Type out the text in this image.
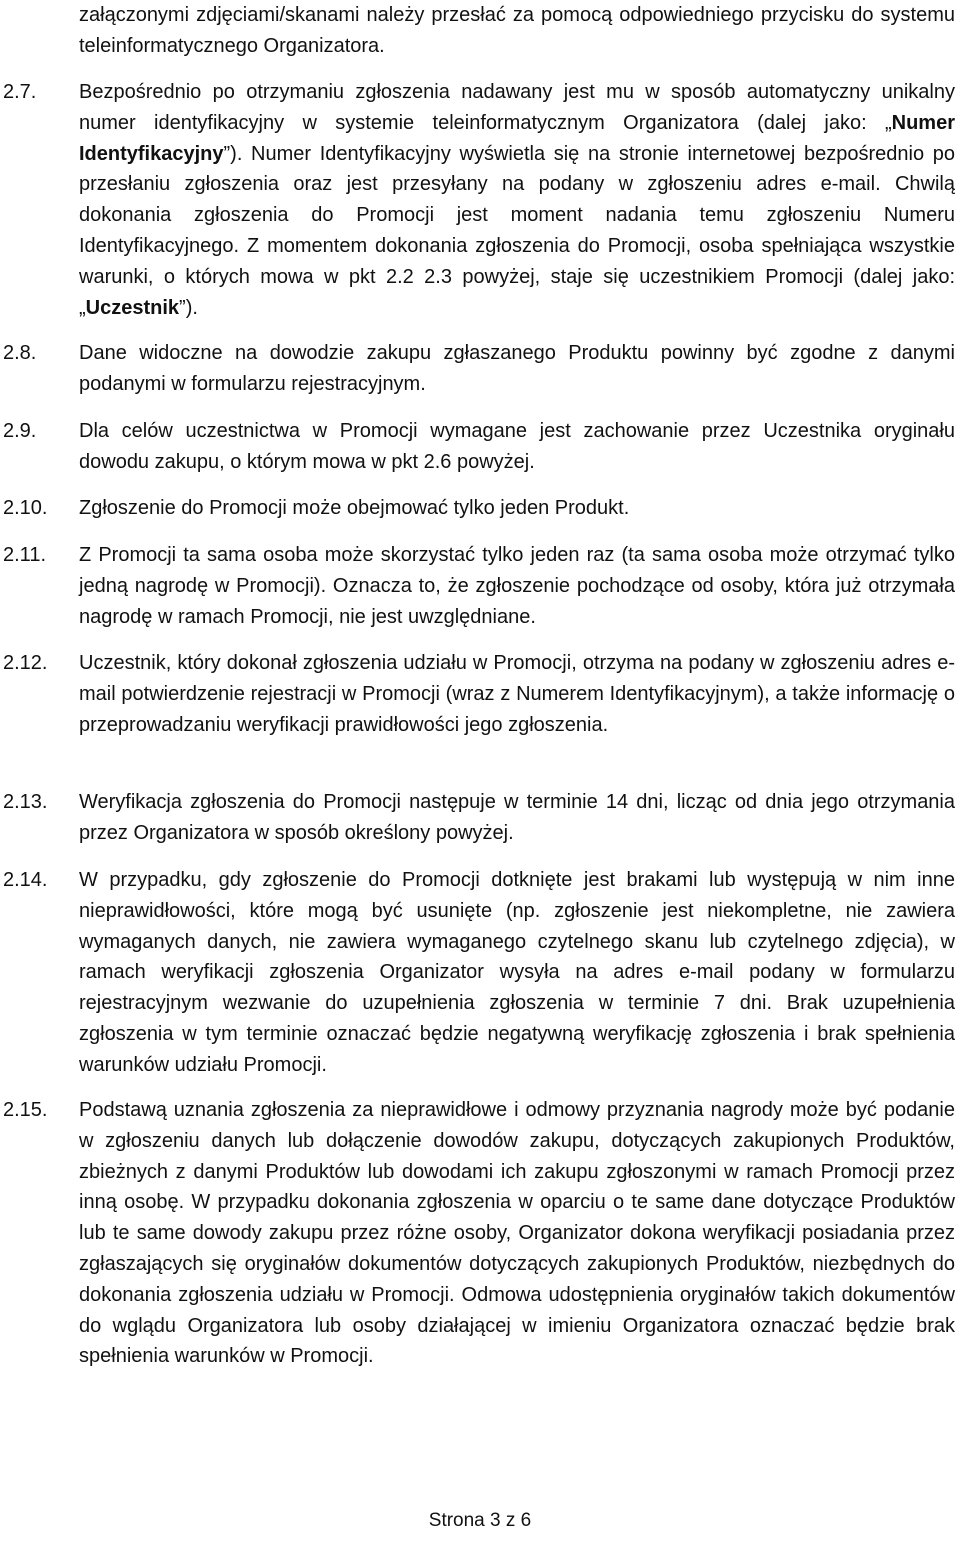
załączonymi zdjęciami/skanami należy przesłać za pomocą odpowiedniego przycisku do systemu teleinformatycznego Organizatora.
2.7. Bezpośrednio po otrzymaniu zgłoszenia nadawany jest mu w sposób automatyczny unikalny numer identyfikacyjny w systemie teleinformatycznym Organizatora (dalej jako: „Numer Identyfikacyjny”). Numer Identyfikacyjny wyświetla się na stronie internetowej bezpośrednio po przesłaniu zgłoszenia oraz jest przesyłany na podany w zgłoszeniu adres e-mail. Chwilą dokonania zgłoszenia do Promocji jest moment nadania temu zgłoszeniu Numeru Identyfikacyjnego. Z momentem dokonania zgłoszenia do Promocji, osoba spełniająca wszystkie warunki, o których mowa w pkt 2.2 2.3 powyżej, staje się uczestnikiem Promocji (dalej jako: „Uczestnik”).
2.8. Dane widoczne na dowodzie zakupu zgłaszanego Produktu powinny być zgodne z danymi podanymi w formularzu rejestracyjnym.
2.9. Dla celów uczestnictwa w Promocji wymagane jest zachowanie przez Uczestnika oryginału dowodu zakupu, o którym mowa w pkt 2.6 powyżej.
2.10. Zgłoszenie do Promocji może obejmować tylko jeden Produkt.
2.11. Z Promocji ta sama osoba może skorzystać tylko jeden raz (ta sama osoba może otrzymać tylko jedną nagrodę w Promocji). Oznacza to, że zgłoszenie pochodzące od osoby, która już otrzymała nagrodę w ramach Promocji, nie jest uwzględniane.
2.12. Uczestnik, który dokonał zgłoszenia udziału w Promocji, otrzyma na podany w zgłoszeniu adres e-mail potwierdzenie rejestracji w Promocji (wraz z Numerem Identyfikacyjnym), a także informację o przeprowadzaniu weryfikacji prawidłowości jego zgłoszenia.
2.13. Weryfikacja zgłoszenia do Promocji następuje w terminie 14 dni, licząc od dnia jego otrzymania przez Organizatora w sposób określony powyżej.
2.14. W przypadku, gdy zgłoszenie do Promocji dotknięte jest brakami lub występują w nim inne nieprawidłowości, które mogą być usunięte (np. zgłoszenie jest niekompletne, nie zawiera wymaganych danych, nie zawiera wymaganego czytelnego skanu lub czytelnego zdjęcia), w ramach weryfikacji zgłoszenia Organizator wysyła na adres e-mail podany w formularzu rejestracyjnym wezwanie do uzupełnienia zgłoszenia w terminie 7 dni. Brak uzupełnienia zgłoszenia w tym terminie oznaczać będzie negatywną weryfikację zgłoszenia i brak spełnienia warunków udziału Promocji.
2.15. Podstawą uznania zgłoszenia za nieprawidłowe i odmowy przyznania nagrody może być podanie w zgłoszeniu danych lub dołączenie dowodów zakupu, dotyczących zakupionych Produktów, zbieżnych z danymi Produktów lub dowodami ich zakupu zgłoszonymi w ramach Promocji przez inną osobę. W przypadku dokonania zgłoszenia w oparciu o te same dane dotyczące Produktów lub te same dowody zakupu przez różne osoby, Organizator dokona weryfikacji posiadania przez zgłaszających się oryginałów dokumentów dotyczących zakupionych Produktów, niezbędnych do dokonania zgłoszenia udziału w Promocji. Odmowa udostępnienia oryginałów takich dokumentów do wglądu Organizatora lub osoby działającej w imieniu Organizatora oznaczać będzie brak spełnienia warunków w Promocji.
Strona 3 z 6
